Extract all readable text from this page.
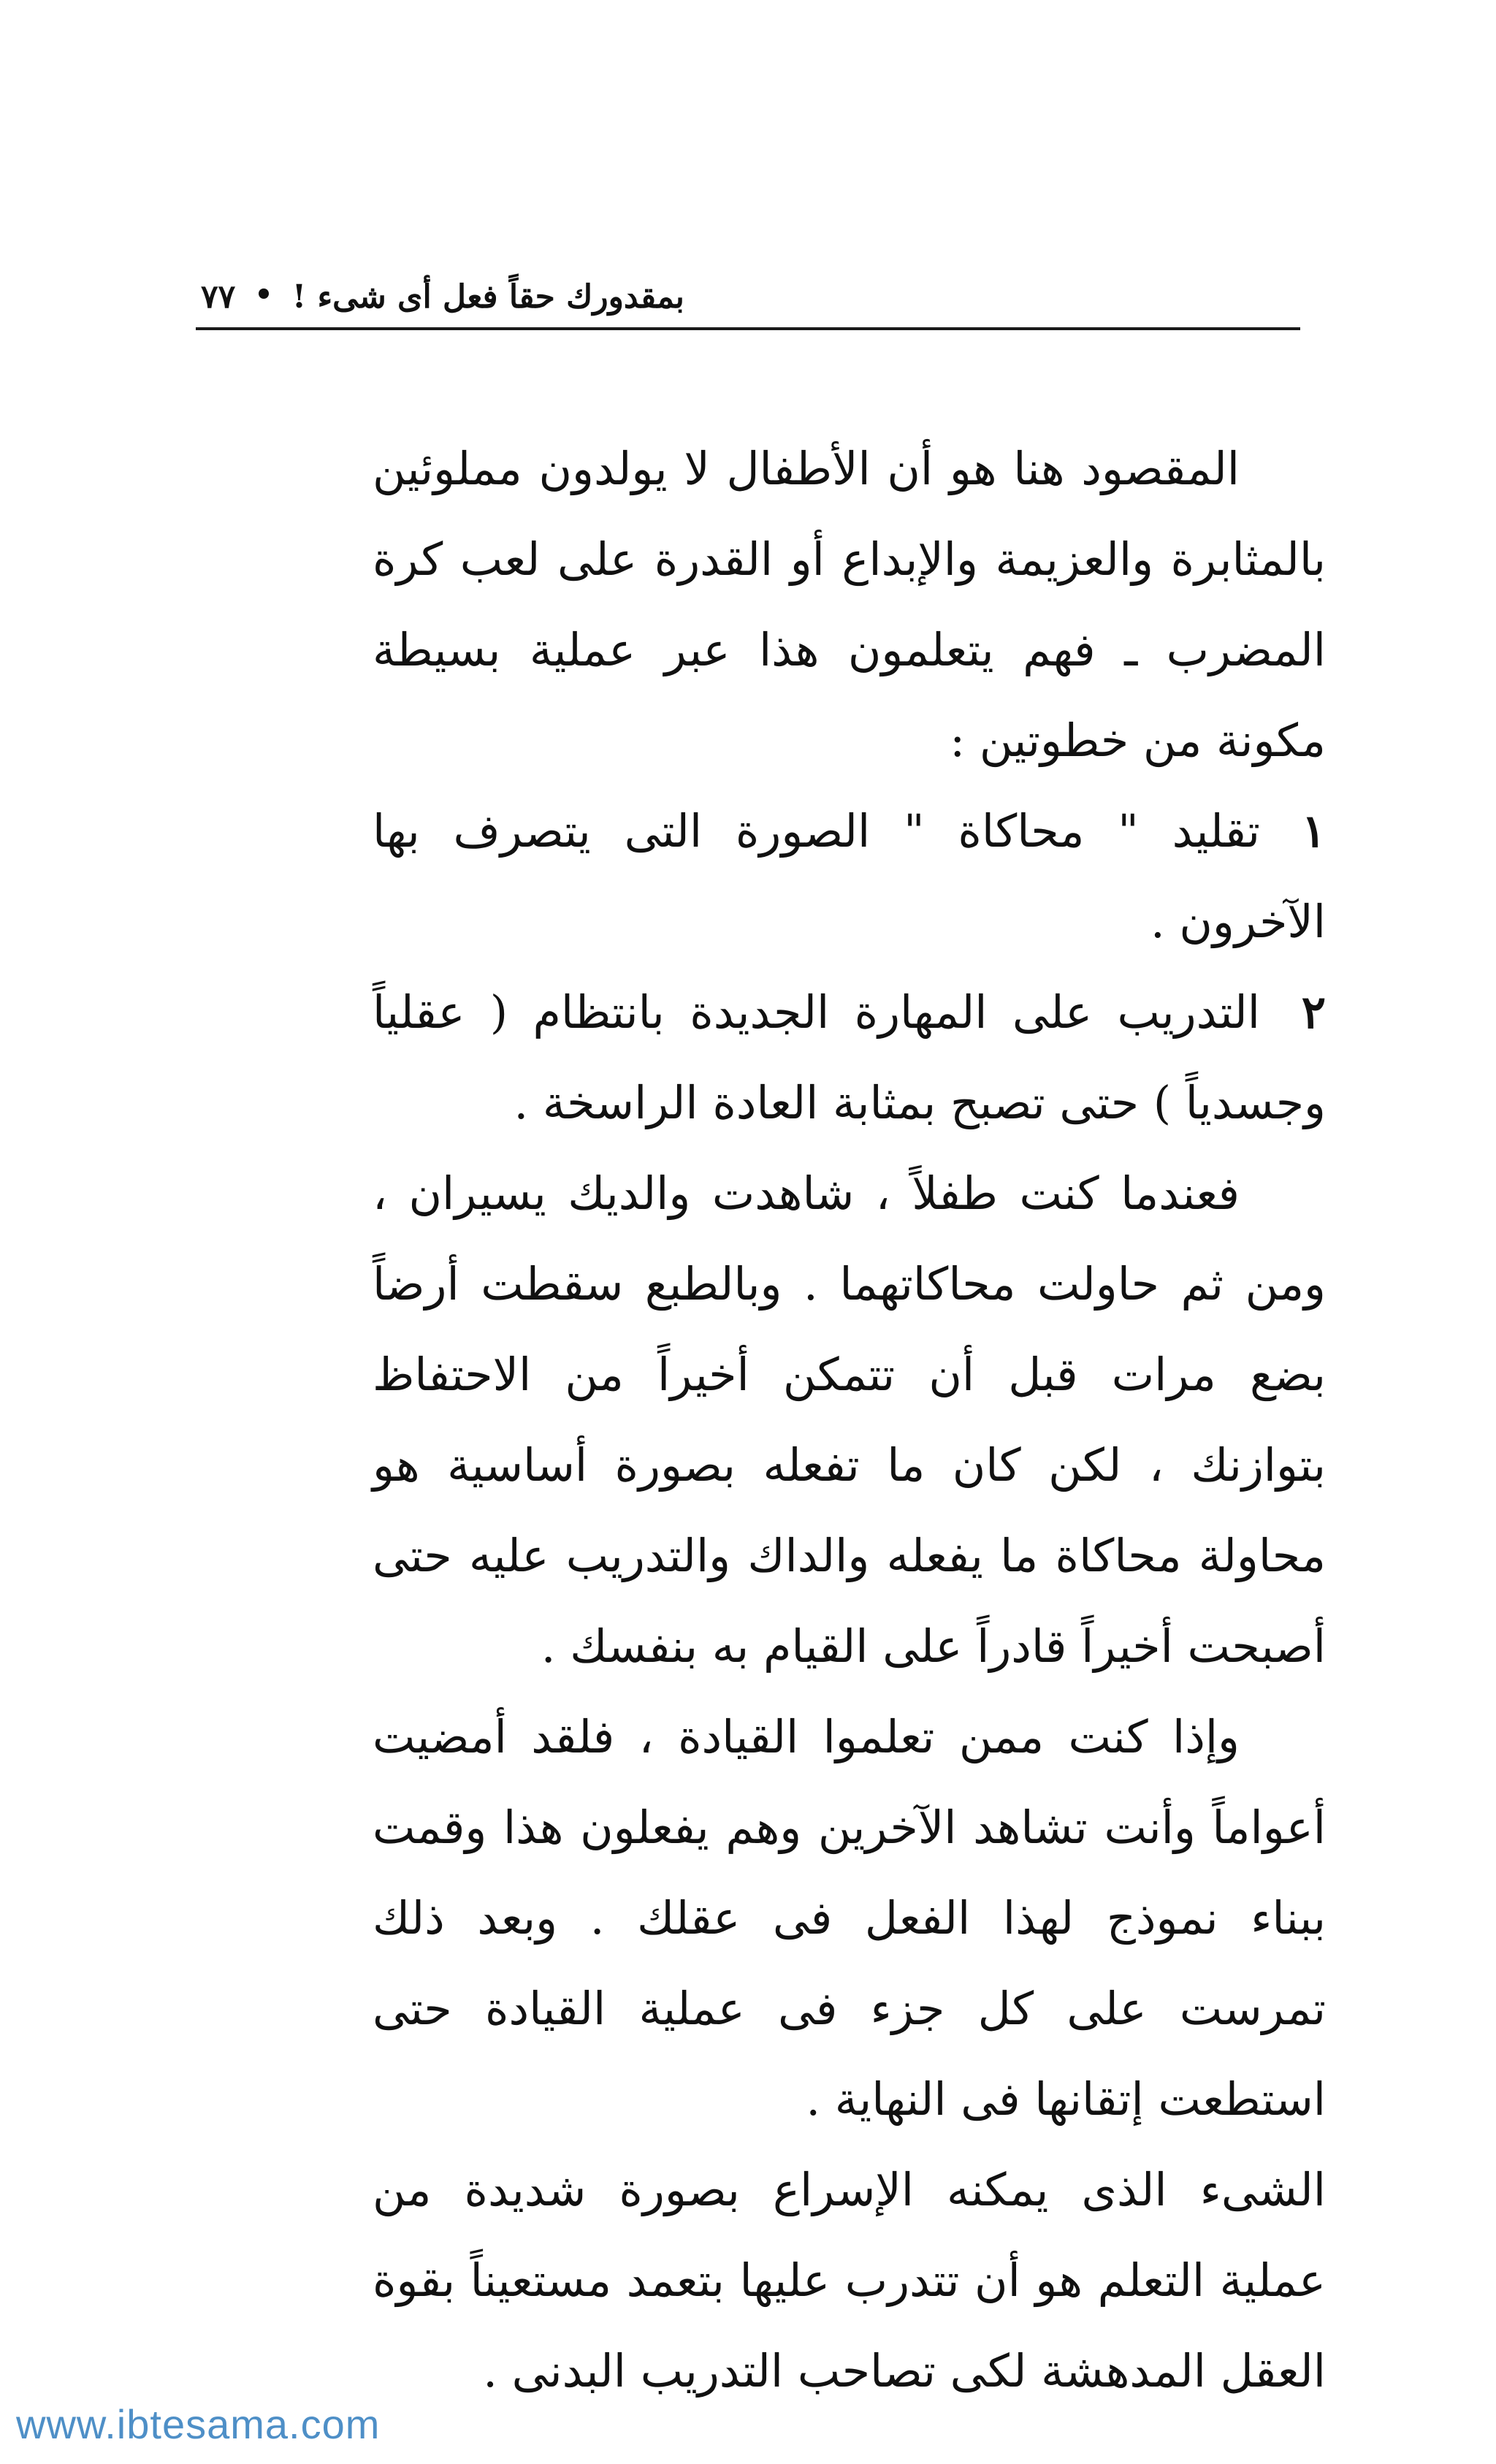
بمقدورك حقاً فعل أى شىء !
•
٧٧

المقصود هنا هو أن الأطفال لا يولدون مملوئين بالمثابرة والعزيمة والإبداع أو القدرة على لعب كرة المضرب ـ فهم يتعلمون هذا عبر عملية بسيطة مكونة من خطوتين :

١تقليد " محاكاة " الصورة التى يتصرف بها الآخرون .

٢التدريب على المهارة الجديدة بانتظام ( عقلياً وجسدياً ) حتى تصبح بمثابة العادة الراسخة .

فعندما كنت طفلاً ، شاهدت والديك يسيران ، ومن ثم حاولت محاكاتهما . وبالطبع سقطت أرضاً بضع مرات قبل أن تتمكن أخيراً من الاحتفاظ بتوازنك ، لكن كان ما تفعله بصورة أساسية هو محاولة محاكاة ما يفعله والداك والتدريب عليه حتى أصبحت أخيراً قادراً على القيام به بنفسك .

وإذا كنت ممن تعلموا القيادة ، فلقد أمضيت أعواماً وأنت تشاهد الآخرين وهم يفعلون هذا وقمت ببناء نموذج لهذا الفعل فى عقلك . وبعد ذلك تمرست على كل جزء فى عملية القيادة حتى استطعت إتقانها فى النهاية .

الشىء الذى يمكنه الإسراع بصورة شديدة من عملية التعلم هو أن تتدرب عليها بتعمد مستعيناً بقوة العقل المدهشة لكى تصاحب التدريب البدنى .

www.ibtesama.com
